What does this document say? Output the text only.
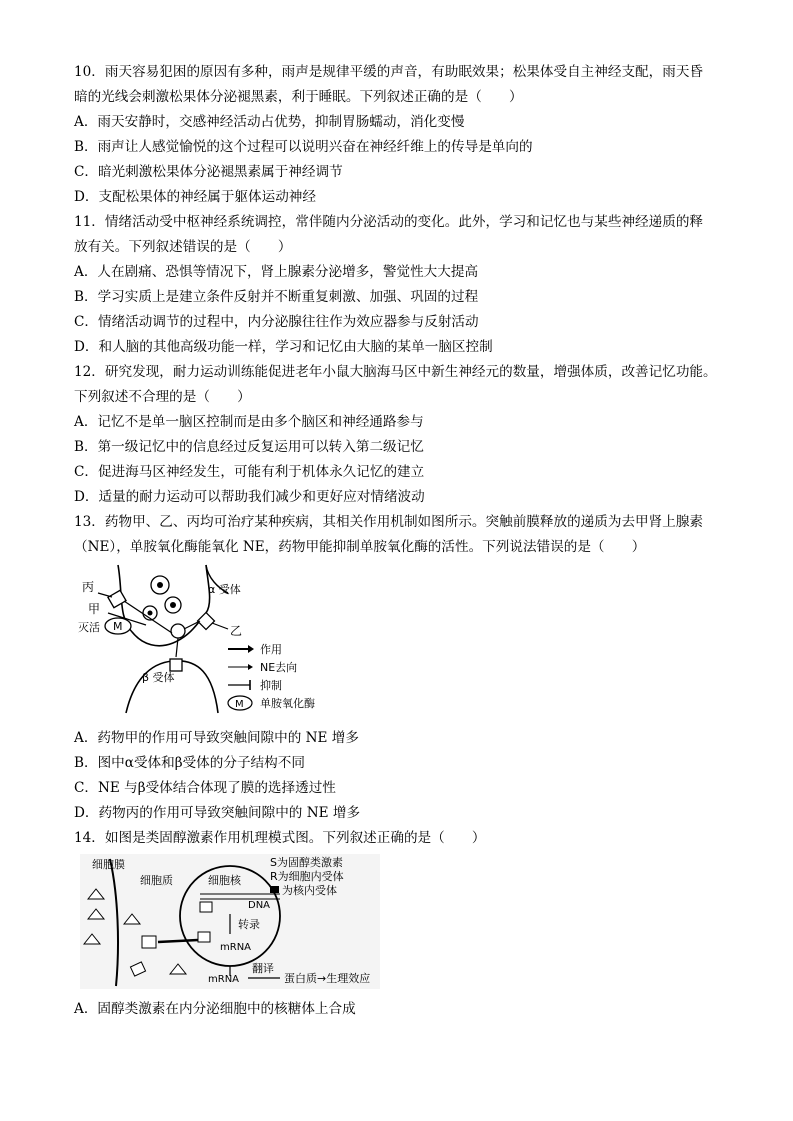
10．雨天容易犯困的原因有多种，雨声是规律平缓的声音，有助眠效果；松果体受自主神经支配，雨天昏
暗的光线会刺激松果体分泌褪黑素，利于睡眠。下列叙述正确的是（　　）
A．雨天安静时，交感神经活动占优势，抑制胃肠蠕动，消化变慢
B．雨声让人感觉愉悦的这个过程可以说明兴奋在神经纤维上的传导是单向的
C．暗光刺激松果体分泌褪黑素属于神经调节
D．支配松果体的神经属于躯体运动神经
11．情绪活动受中枢神经系统调控，常伴随内分泌活动的变化。此外，学习和记忆也与某些神经递质的释
放有关。下列叙述错误的是（　　）
A．人在剧痛、恐惧等情况下，肾上腺素分泌增多，警觉性大大提高
B．学习实质上是建立条件反射并不断重复刺激、加强、巩固的过程
C．情绪活动调节的过程中，内分泌腺往往作为效应器参与反射活动
D．和人脑的其他高级功能一样，学习和记忆由大脑的某单一脑区控制
12．研究发现，耐力运动训练能促进老年小鼠大脑海马区中新生神经元的数量，增强体质，改善记忆功能。
下列叙述不合理的是（　　）
A．记忆不是单一脑区控制而是由多个脑区和神经通路参与
B．第一级记忆中的信息经过反复运用可以转入第二级记忆
C．促进海马区神经发生，可能有利于机体永久记忆的建立
D．适量的耐力运动可以帮助我们减少和更好应对情绪波动
13．药物甲、乙、丙均可治疗某种疾病，其相关作用机制如图所示。突触前膜释放的递质为去甲肾上腺素
（NE），单胺氧化酶能氧化 NE，药物甲能抑制单胺氧化酶的活性。下列说法错误的是（　　）
M
丙
甲
灭活
α 受体
乙
β 受体
作用
NE去向
抑制
M 单胺氧化酶
A．药物甲的作用可导致突触间隙中的 NE 增多
B．图中α受体和β受体的分子结构不同
C．NE 与β受体结合体现了膜的选择透过性
D．药物丙的作用可导致突触间隙中的 NE 增多
14．如图是类固醇激素作用机理模式图。下列叙述正确的是（　　）
细胞膜
细胞质	细胞核
DNA
转录
mRNA
mRNA
翻译
蛋白质→生理效应
S为固醇类激素
R为细胞内受体
为核内受体
A．固醇类激素在内分泌细胞中的核糖体上合成
